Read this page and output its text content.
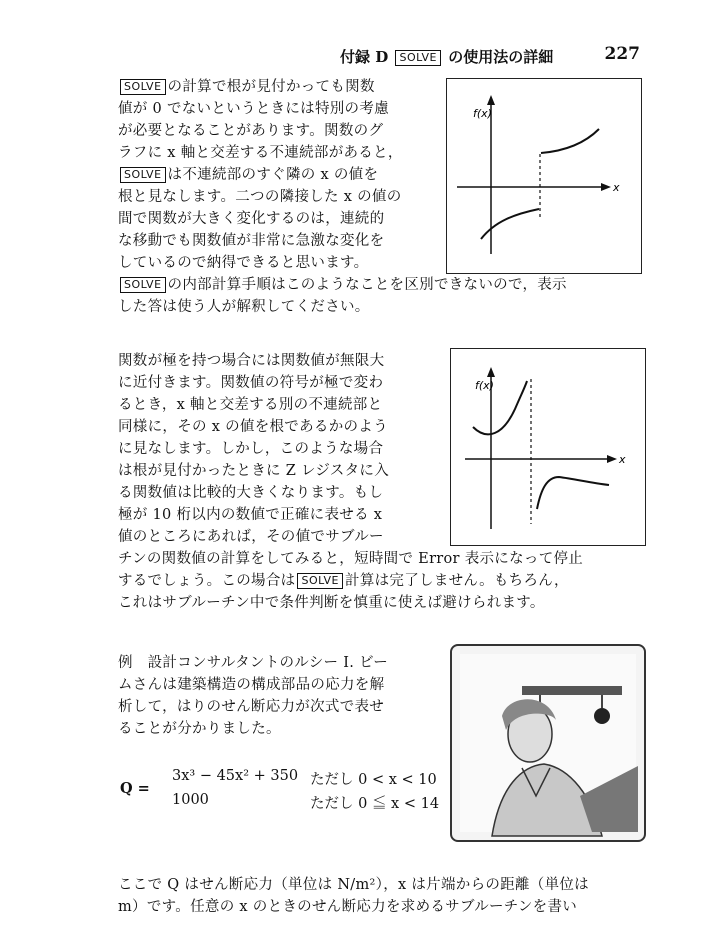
付録 D SOLVE の使用法の詳細	227

SOLVE の計算で根が見付かっても関数

値が 0 でないというときには特別の考慮

が必要となることがあります。関数のグ

ラフに x 軸と交差する不連続部があると，

SOLVE は不連続部のすぐ隣の x の値を

根と見なします。二つの隣接した x の値の

間で関数が大きく変化するのは，連続的

な移動でも関数値が非常に急激な変化を

しているので納得できると思います。

SOLVE の内部計算手順はこのようなことを区別できないので，表示

した答は使う人が解釈してください。

f(x)
x

関数が極を持つ場合には関数値が無限大

に近付きます。関数値の符号が極で変わ

るとき，x 軸と交差する別の不連続部と

同様に，その x の値を根であるかのよう

に見なします。しかし，このような場合

は根が見付かったときに Z レジスタに入

る関数値は比較的大きくなります。もし

極が 10 桁以内の数値で正確に表せる x

値のところにあれば，その値でサブルー

チンの関数値の計算をしてみると，短時間で Error 表示になって停止

するでしょう。この場合は SOLVE 計算は完了しません。もちろん，

これはサブルーチン中で条件判断を慎重に使えば避けられます。

f(x)
x

例　設計コンサルタントのルシー I. ビー

ムさんは建築構造の構成部品の応力を解

析して，はりのせん断応力が次式で表せ

ることが分かりました。

Q =
3x³ − 45x² + 350 ただし 0 < x < 10
1000	ただし 0 ≦ x < 14

ここで Q はせん断応力（単位は N/m²），x は片端からの距離（単位は

m）です。任意の x のときのせん断応力を求めるサブルーチンを書い
